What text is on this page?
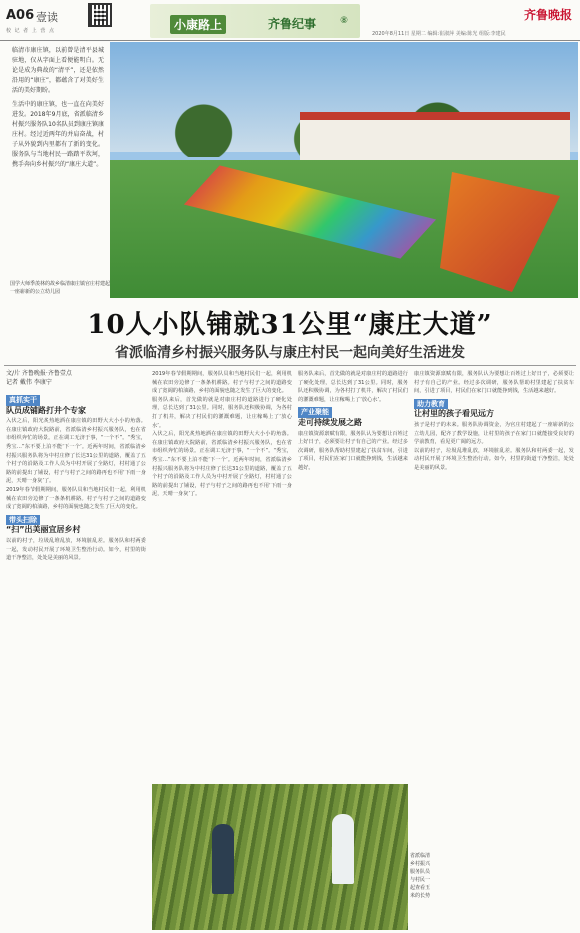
A06 壹读
校 记 者 上 营 点	小康路上	齐鲁纪事	⑧	齐鲁晚报
2020年8月11日 星期二 编辑:崔淑萍 美编:陈光 组版:李建民

临清市康庄镇，以前曾是清平县城驻地，仅从字面上看便能明白。无论是成为典故的“清平”，还是依然沿用的“康庄”，都蕴含了对美好生活的美好期盼。

生活中的康庄镇，也一直在向美好进发。2018年9月底，省派临清乡村振兴服务队10名队员到康庄镇康庄村。经过近两年的并肩奋战，村子从外貌到内里都有了新的变化。服务队与当地村民一路踏平坎坷，携手奔向乡村振兴的“康庄大道”。

国学大师季羡林的故乡临清康庄镇官庄村建起一座崭新的公立幼儿园

10人小队铺就31公里“康庄大道”
省派临清乡村振兴服务队与康庄村民一起向美好生活进发
文/片 齐鲁晚报·齐鲁壹点
记者 戴伟 李康宁
真抓实干
队员成铺路打井个专家

入伏之后，阳光炙热地洒在康庄镇的田野大大小小的角落。在康庄镇政府大院路前，省派临清乡村振兴服务队，也在省市组织奔忙的场景。正在调工无济于事，“一个不”。“秀宝，秀宝…”东不要上泊不能‘下一个’。近两年时间，省派临清乡村振兴服务队将为中村庄修了长达31公里的道路，覆盖了五个村子的沿路及工作人员为中村开展了全路灯，村村通了公路的前提出了铺设，村子与村子之间的路再也不用‘下雨一身泥，天晴一身灰’了。

2019年春节假期期间，服务队员和当地村民们一起，利用机械在农田旁边修了一条条机耕路。村子与村子之间的道路变成了宽阔的柏油路，乡村的面貌也随之发生了巨大的变化。

带头扫除
“扫”出美丽宜居乡村

以前的村子，垃圾乱堆乱放，环境脏乱差。服务队和村两委一起，发动村民开展了环境卫生整治行动。如今，村里的街道干净整洁，处处是美丽的风景。

2019年春节假期期间，服务队员和当地村民们一起，利用机械在农田旁边修了一条条机耕路。村子与村子之间的道路变成了宽阔的柏油路，乡村的面貌也随之发生了巨大的变化。

服务队来后，首先做的就是对康庄村的道路进行了硬化处理，总长达到了31公里。同时，服务队还积极协调，为各村打了机井，解决了村民们的灌溉难题，让庄稼喝上了‘放心水’。

入伏之后，阳光炙热地洒在康庄镇的田野大大小小的角落。在康庄镇政府大院路前，省派临清乡村振兴服务队，也在省市组织奔忙的场景。正在调工无济于事，“一个不”。“秀宝，秀宝…”东不要上泊不能‘下一个’。近两年时间，省派临清乡村振兴服务队将为中村庄修了长达31公里的道路，覆盖了五个村子的沿路及工作人员为中村开展了全路灯，村村通了公路的前提出了铺设，村子与村子之间的路再也不用‘下雨一身泥，天晴一身灰’了。

服务队来后，首先做的就是对康庄村的道路进行了硬化处理，总长达到了31公里。同时，服务队还积极协调，为各村打了机井，解决了村民们的灌溉难题，让庄稼喝上了‘放心水’。

产业聚能
走可持续发展之路

康庄镇资源禀赋有限，服务队认为要想让百姓过上好日子，必须要让村子有自己的产业。经过多次调研，服务队帮助村里建起了扶贫车间，引进了项目，村民们在家门口就能挣到钱，生活越来越好。

康庄镇资源禀赋有限，服务队认为要想让百姓过上好日子，必须要让村子有自己的产业。经过多次调研，服务队帮助村里建起了扶贫车间，引进了项目，村民们在家门口就能挣到钱，生活越来越好。

助力教育
让村里的孩子看见远方

孩子是村子的未来。服务队协调资金，为官庄村建起了一座崭新的公立幼儿园，配齐了教学设施，让村里的孩子在家门口就能接受良好的学前教育，看见更广阔的远方。

以前的村子，垃圾乱堆乱放，环境脏乱差。服务队和村两委一起，发动村民开展了环境卫生整治行动。如今，村里的街道干净整洁，处处是美丽的风景。

省派临清乡村振兴服务队员与村民一起查看玉米的长势
